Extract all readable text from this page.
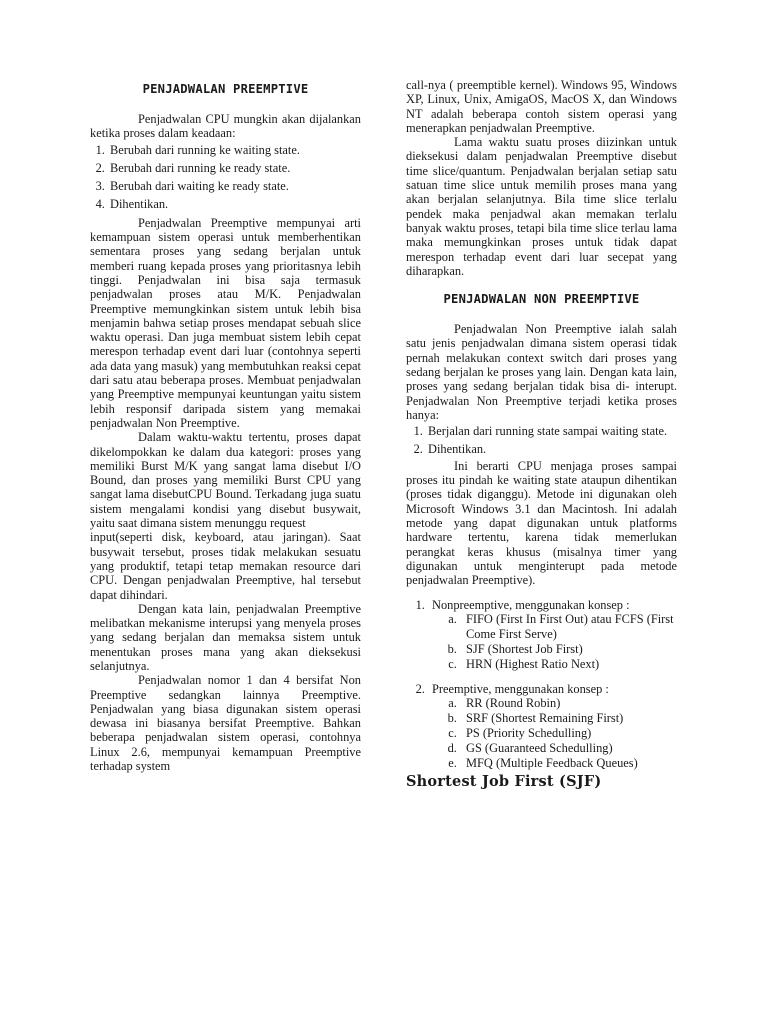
PENJADWALAN PREEMPTIVE

Penjadwalan CPU mungkin akan dijalankan ketika proses dalam keadaan:

1. Berubah dari running ke waiting state.
2. Berubah dari running ke ready state.
3. Berubah dari waiting ke ready state.
4. Dihentikan.

Penjadwalan Preemptive mempunyai arti kemampuan sistem operasi untuk memberhentikan sementara proses yang sedang berjalan untuk memberi ruang kepada proses yang prioritasnya lebih tinggi. Penjadwalan ini bisa saja termasuk penjadwalan proses atau M/K. Penjadwalan Preemptive memungkinkan sistem untuk lebih bisa menjamin bahwa setiap proses mendapat sebuah slice waktu operasi. Dan juga membuat sistem lebih cepat merespon terhadap event dari luar (contohnya seperti ada data yang masuk) yang membutuhkan reaksi cepat dari satu atau beberapa proses. Membuat penjadwalan yang Preemptive mempunyai keuntungan yaitu sistem lebih responsif daripada sistem yang memakai penjadwalan Non Preemptive.

Dalam waktu-waktu tertentu, proses dapat dikelompokkan ke dalam dua kategori: proses yang memiliki Burst M/K yang sangat lama disebut I/O Bound, dan proses yang memiliki Burst CPU yang sangat lama disebutCPU Bound. Terkadang juga suatu sistem mengalami kondisi yang disebut busywait, yaitu saat dimana sistem menunggu request

input(seperti disk, keyboard, atau jaringan). Saat busywait tersebut, proses tidak melakukan sesuatu yang produktif, tetapi tetap memakan resource dari CPU. Dengan penjadwalan Preemptive, hal tersebut dapat dihindari.

Dengan kata lain, penjadwalan Preemptive melibatkan mekanisme interupsi yang menyela proses yang sedang berjalan dan memaksa sistem untuk menentukan proses mana yang akan dieksekusi selanjutnya.

Penjadwalan nomor 1 dan 4 bersifat Non Preemptive sedangkan lainnya Preemptive. Penjadwalan yang biasa digunakan sistem operasi dewasa ini biasanya bersifat Preemptive. Bahkan beberapa penjadwalan sistem operasi, contohnya Linux 2.6, mempunyai kemampuan Preemptive terhadap system

call-nya ( preemptible kernel). Windows 95, Windows XP, Linux, Unix, AmigaOS, MacOS X, dan Windows NT adalah beberapa contoh sistem operasi yang menerapkan penjadwalan Preemptive.

Lama waktu suatu proses diizinkan untuk dieksekusi dalam penjadwalan Preemptive disebut time slice/quantum. Penjadwalan berjalan setiap satu satuan time slice untuk memilih proses mana yang akan berjalan selanjutnya. Bila time slice terlalu pendek maka penjadwal akan memakan terlalu banyak waktu proses, tetapi bila time slice terlau lama maka memungkinkan proses untuk tidak dapat merespon terhadap event dari luar secepat yang diharapkan.

PENJADWALAN NON PREEMPTIVE

Penjadwalan Non Preemptive ialah salah satu jenis penjadwalan dimana sistem operasi tidak pernah melakukan context switch dari proses yang sedang berjalan ke proses yang lain. Dengan kata lain, proses yang sedang berjalan tidak bisa di- interupt. Penjadwalan Non Preemptive terjadi ketika proses hanya:

1. Berjalan dari running state sampai waiting state.
2. Dihentikan.

Ini berarti CPU menjaga proses sampai proses itu pindah ke waiting state ataupun dihentikan (proses tidak diganggu). Metode ini digunakan oleh Microsoft Windows 3.1 dan Macintosh. Ini adalah metode yang dapat digunakan untuk platforms hardware tertentu, karena tidak memerlukan perangkat keras khusus (misalnya timer yang digunakan untuk menginterupt pada metode penjadwalan Preemptive).

1. Nonpreemptive, menggunakan konsep :
a. FIFO (First In First Out) atau FCFS (First Come First Serve)
b. SJF (Shortest Job First)
c. HRN (Highest Ratio Next)
2. Preemptive, menggunakan konsep :
a. RR (Round Robin)
b. SRF (Shortest Remaining First)
c. PS (Priority Schedulling)
d. GS (Guaranteed Schedulling)
e. MFQ (Multiple Feedback Queues)
Shortest Job First (SJF)
